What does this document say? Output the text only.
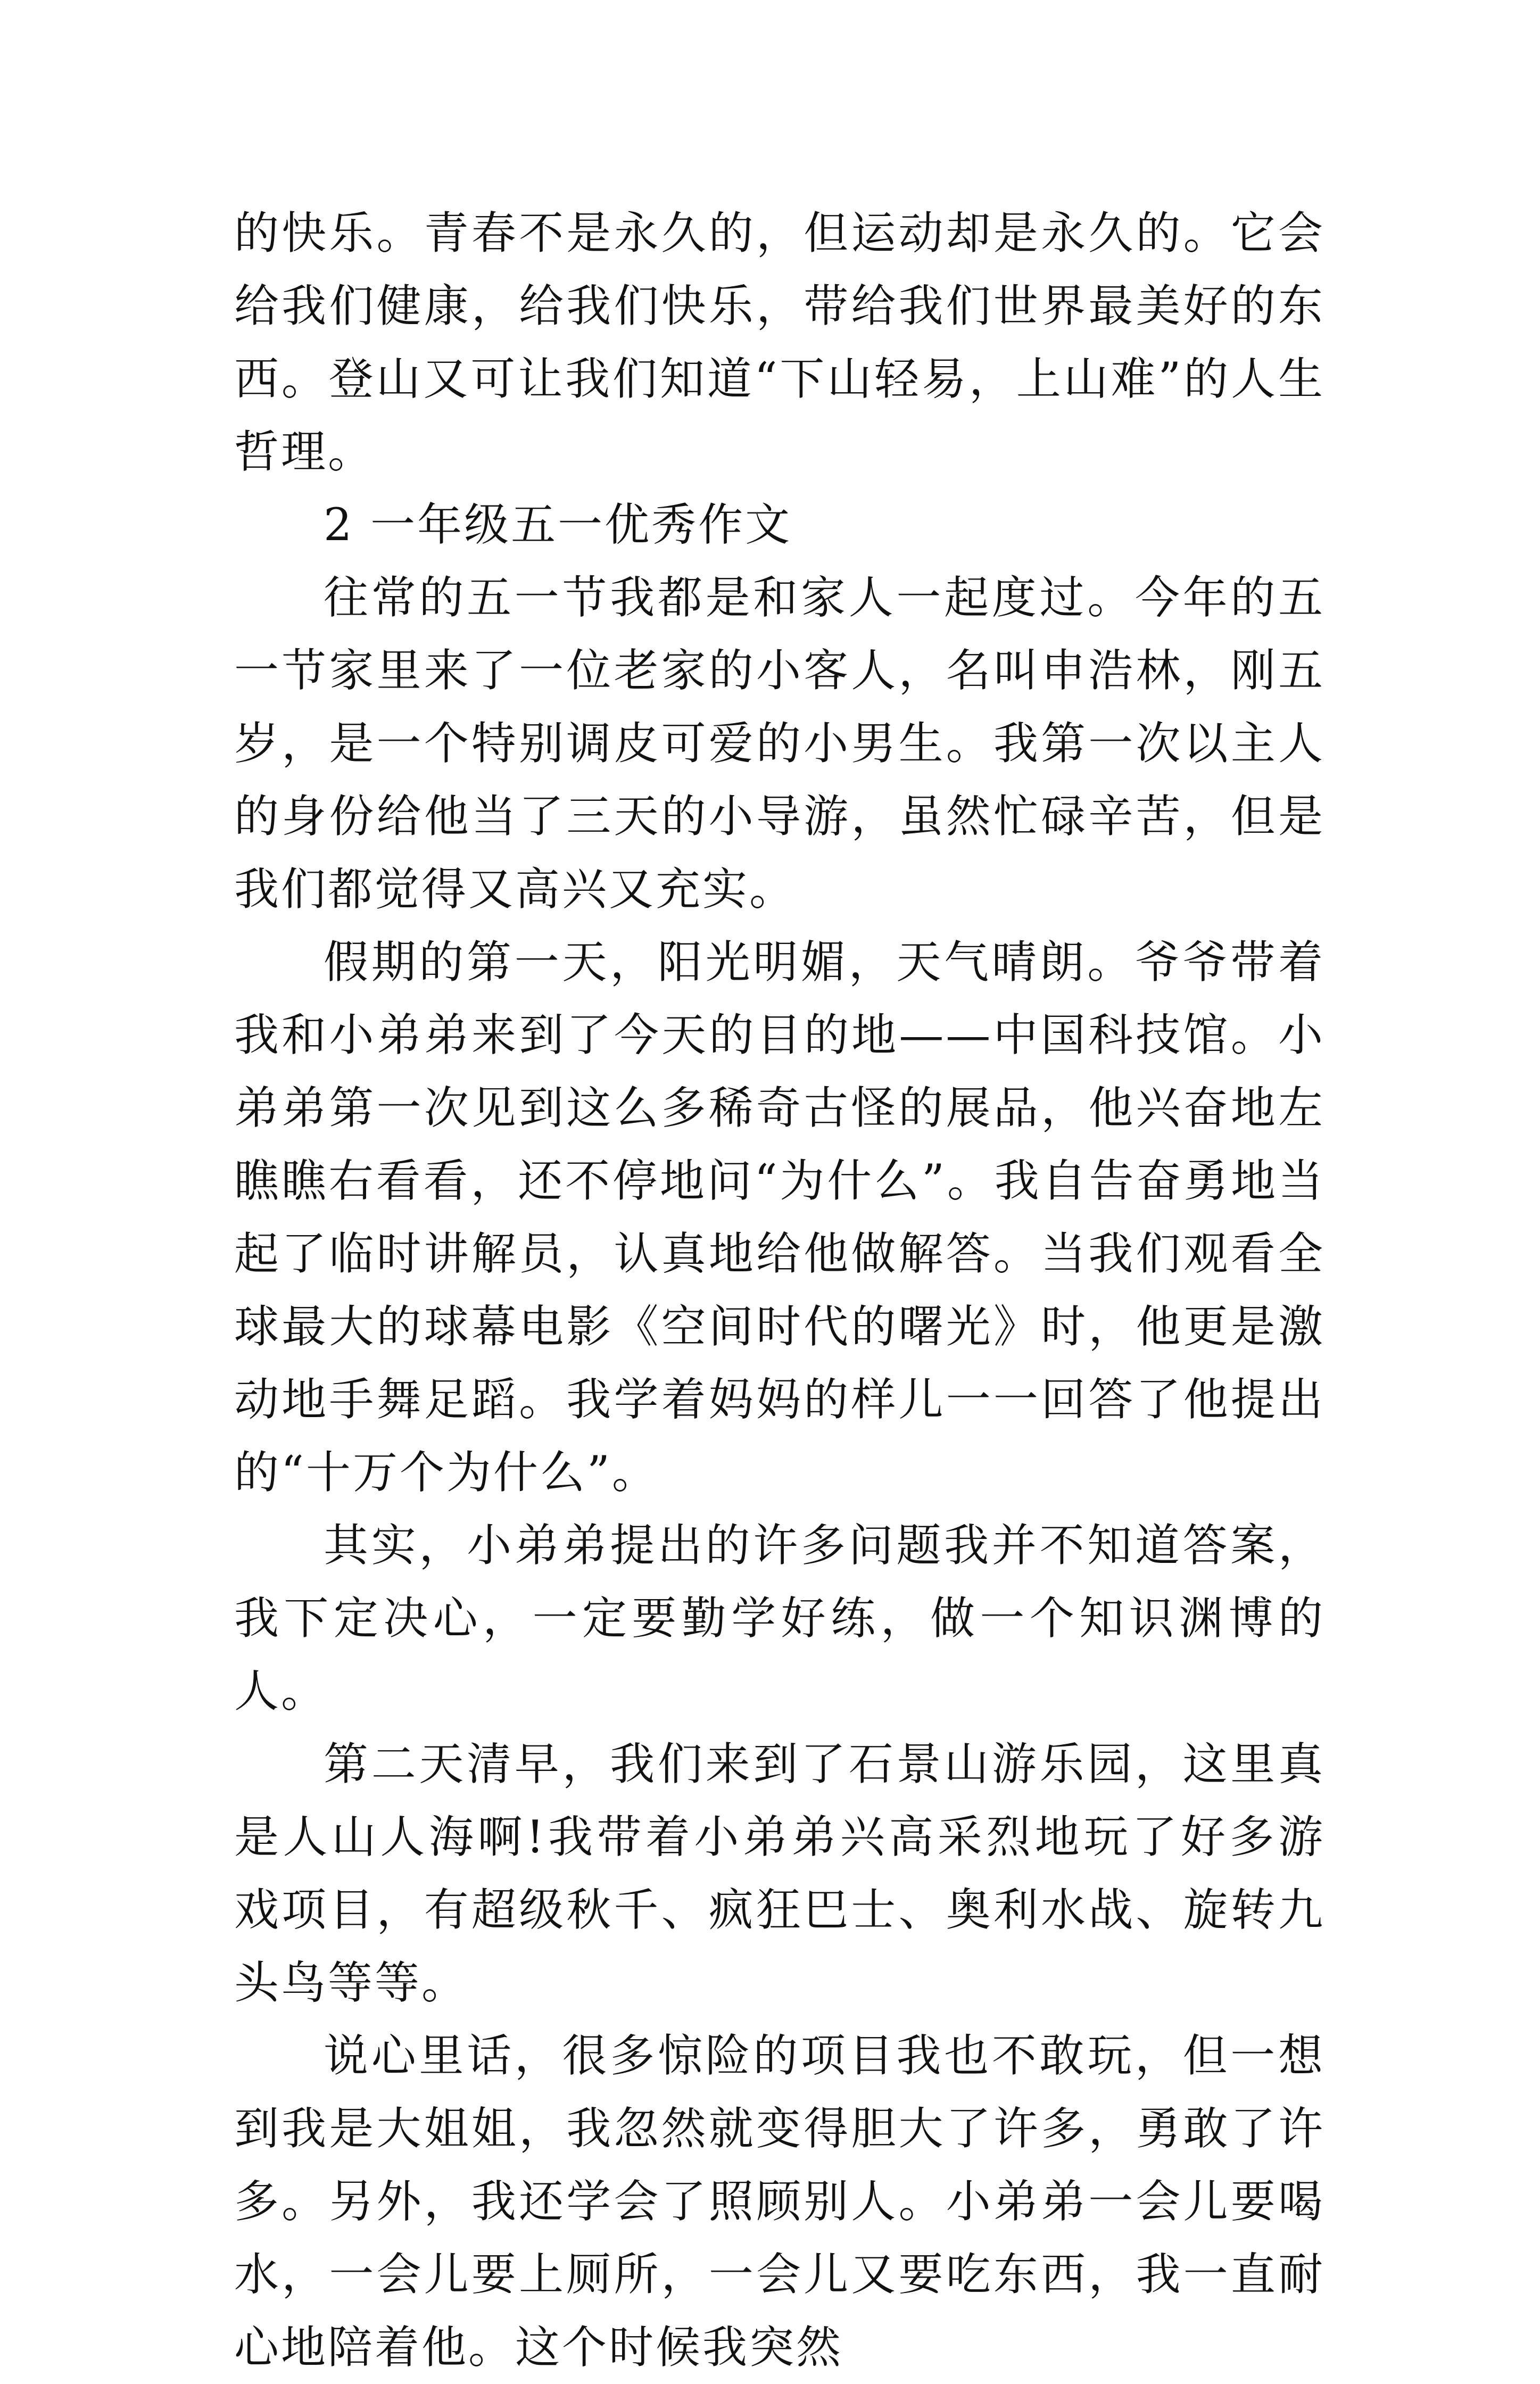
的快乐。青春不是永久的，但运动却是永久的。它会给我们健康，给我们快乐，带给我们世界最美好的东西。登山又可让我们知道“下山轻易，上山难”的人生哲理。

2 一年级五一优秀作文

往常的五一节我都是和家人一起度过。今年的五一节家里来了一位老家的小客人，名叫申浩林，刚五岁，是一个特别调皮可爱的小男生。我第一次以主人的身份给他当了三天的小导游，虽然忙碌辛苦，但是我们都觉得又高兴又充实。

假期的第一天，阳光明媚，天气晴朗。爷爷带着我和小弟弟来到了今天的目的地——中国科技馆。小弟弟第一次见到这么多稀奇古怪的展品，他兴奋地左瞧瞧右看看，还不停地问“为什么”。我自告奋勇地当起了临时讲解员，认真地给他做解答。当我们观看全球最大的球幕电影《空间时代的曙光》时，他更是激动地手舞足蹈。我学着妈妈的样儿一一回答了他提出的“十万个为什么”。

其实，小弟弟提出的许多问题我并不知道答案，我下定决心，一定要勤学好练，做一个知识渊博的人。

第二天清早，我们来到了石景山游乐园，这里真是人山人海啊!我带着小弟弟兴高采烈地玩了好多游戏项目，有超级秋千、疯狂巴士、奥利水战、旋转九头鸟等等。

说心里话，很多惊险的项目我也不敢玩，但一想到我是大姐姐，我忽然就变得胆大了许多，勇敢了许多。另外，我还学会了照顾别人。小弟弟一会儿要喝水，一会儿要上厕所，一会儿又要吃东西，我一直耐心地陪着他。这个时候我突然
